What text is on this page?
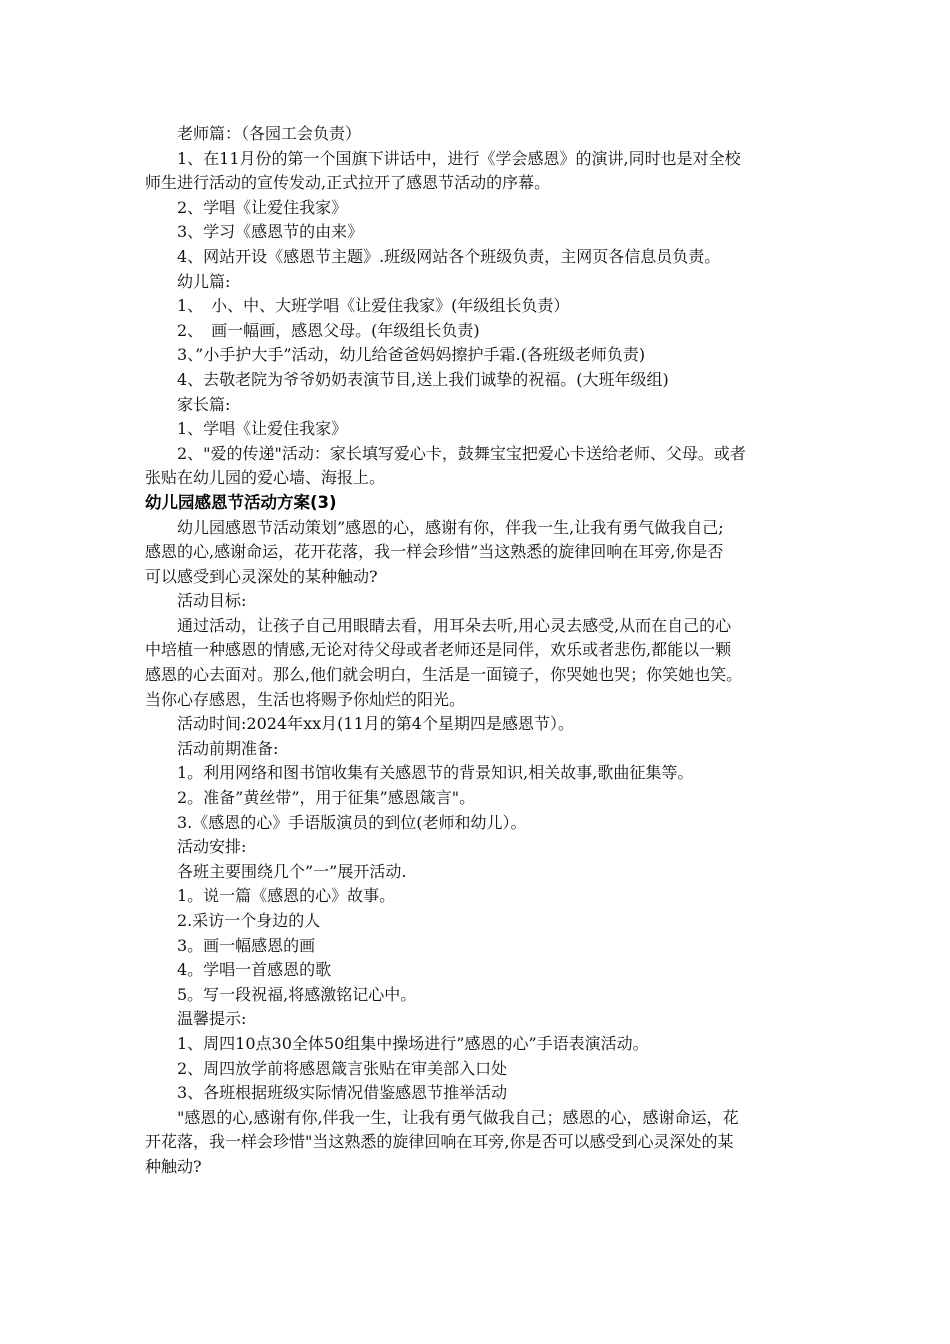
老师篇：（各园工会负责）
1、在11月份的第一个国旗下讲话中，进行《学会感恩》的演讲,同时也是对全校
师生进行活动的宣传发动,正式拉开了感恩节活动的序幕。
2、学唱《让爱住我家》
3、学习《感恩节的由来》
4、网站开设《感恩节主题》.班级网站各个班级负责，主网页各信息员负责。
幼儿篇:
1、　小、中、大班学唱《让爱住我家》(年级组长负责）
2、　画一幅画，感恩父母。(年级组长负责)
3、”小手护大手”活动，幼儿给爸爸妈妈擦护手霜.(各班级老师负责)
4、去敬老院为爷爷奶奶表演节目,送上我们诚挚的祝福。(大班年级组)
家长篇:
1、学唱《让爱住我家》
2、"爱的传递"活动：家长填写爱心卡，鼓舞宝宝把爱心卡送给老师、父母。或者
张贴在幼儿园的爱心墙、海报上。
幼儿园感恩节活动方案(3)
幼儿园感恩节活动策划”感恩的心，感谢有你，伴我一生,让我有勇气做我自己;
感恩的心,感谢命运，花开花落，我一样会珍惜”当这熟悉的旋律回响在耳旁,你是否
可以感受到心灵深处的某种触动?
活动目标:
通过活动，让孩子自己用眼睛去看，用耳朵去听,用心灵去感受,从而在自己的心
中培植一种感恩的情感,无论对待父母或者老师还是同伴，欢乐或者悲伤,都能以一颗
感恩的心去面对。那么,他们就会明白，生活是一面镜子，你哭她也哭；你笑她也笑。
当你心存感恩，生活也将赐予你灿烂的阳光。
活动时间:2024年xx月(11月的第4个星期四是感恩节）。
活动前期准备:
1。利用网络和图书馆收集有关感恩节的背景知识,相关故事,歌曲征集等。
2。准备”黄丝带”，用于征集”感恩箴言"。
3.《感恩的心》手语版演员的到位(老师和幼儿）。
活动安排:
各班主要围绕几个”一”展开活动.
1。说一篇《感恩的心》故事。
2.采访一个身边的人
3。画一幅感恩的画
4。学唱一首感恩的歌
5。写一段祝福,将感激铭记心中。
温馨提示:
1、周四10点30全体50组集中操场进行”感恩的心”手语表演活动。
2、周四放学前将感恩箴言张贴在审美部入口处
3、各班根据班级实际情况借鉴感恩节推举活动
"感恩的心,感谢有你,伴我一生，让我有勇气做我自己；感恩的心，感谢命运，花
开花落，我一样会珍惜"当这熟悉的旋律回响在耳旁,你是否可以感受到心灵深处的某
种触动?
